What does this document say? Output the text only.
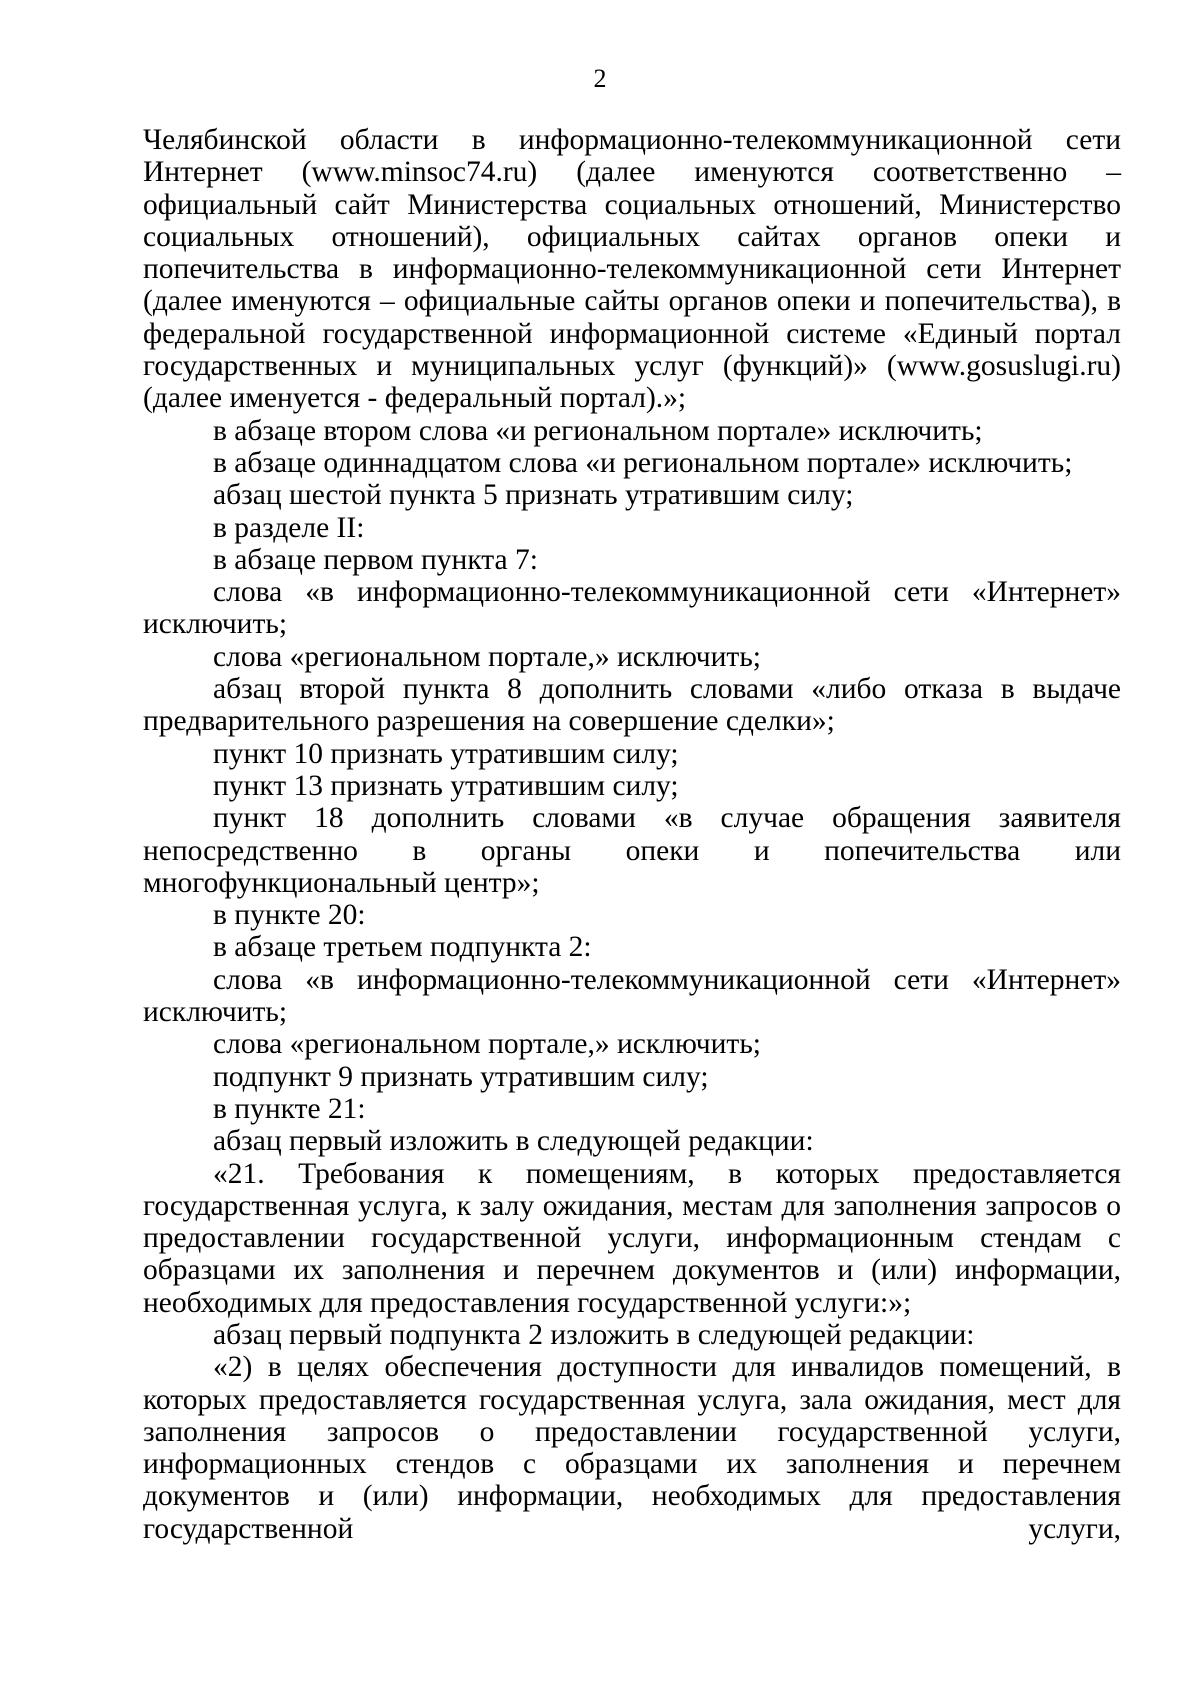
2

Челябинской области в информационно-телекоммуникационной сети Интернет (www.minsoc74.ru) (далее именуются соответственно – официальный сайт Министерства социальных отношений, Министерство социальных отношений), официальных сайтах органов опеки и попечительства в информационно-телекоммуникационной сети Интернет (далее именуются – официальные сайты органов опеки и попечительства), в федеральной государственной информационной системе «Единый портал государственных и муниципальных услуг (функций)» (www.gosuslugi.ru) (далее именуется - федеральный портал).»;

в абзаце втором слова «и региональном портале» исключить;

в абзаце одиннадцатом слова «и региональном портале» исключить;

абзац шестой пункта 5 признать утратившим силу;

в разделе II:

в абзаце первом пункта 7:

слова «в информационно-телекоммуникационной сети «Интернет» исключить;

слова «региональном портале,» исключить;

абзац второй пункта 8 дополнить словами «либо отказа в выдаче предварительного разрешения на совершение сделки»;

пункт 10 признать утратившим силу;

пункт 13 признать утратившим силу;

пункт 18 дополнить словами «в случае обращения заявителя непосредственно в органы опеки и попечительства или многофункциональный центр»;

в пункте 20:

в абзаце третьем подпункта 2:

слова «в информационно-телекоммуникационной сети «Интернет» исключить;

слова «региональном портале,» исключить;

подпункт 9 признать утратившим силу;

в пункте 21:

абзац первый изложить в следующей редакции:

«21. Требования к помещениям, в которых предоставляется государственная услуга, к залу ожидания, местам для заполнения запросов о предоставлении государственной услуги, информационным стендам с образцами их заполнения и перечнем документов и (или) информации, необходимых для предоставления государственной услуги:»;

абзац первый подпункта 2 изложить в следующей редакции:

«2) в целях обеспечения доступности для инвалидов помещений, в которых предоставляется государственная услуга, зала ожидания, мест для заполнения запросов о предоставлении государственной услуги, информационных стендов с образцами их заполнения и перечнем документов и (или) информации, необходимых для предоставления государственной услуги,
